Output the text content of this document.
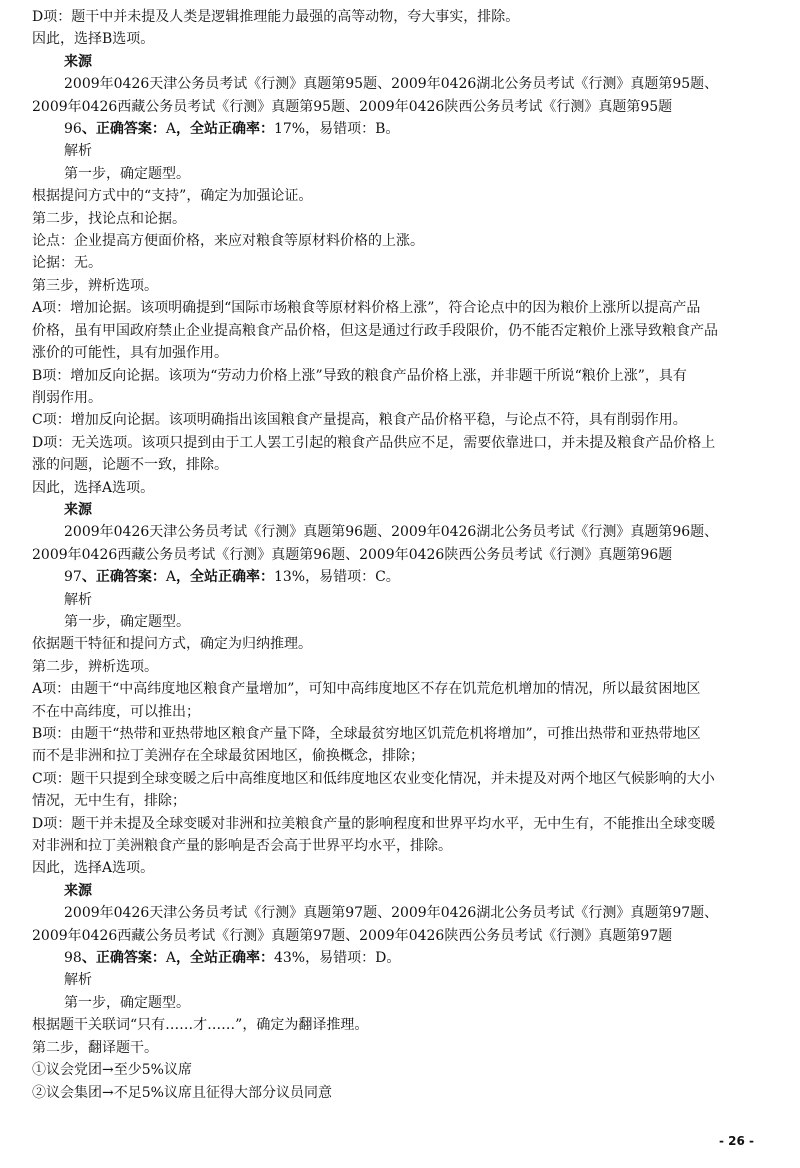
D项：题干中并未提及人类是逻辑推理能力最强的高等动物，夸大事实，排除。
因此，选择B选项。
来源
2009年0426天津公务员考试《行测》真题第95题、2009年0426湖北公务员考试《行测》真题第95题、
2009年0426西藏公务员考试《行测》真题第95题、2009年0426陕西公务员考试《行测》真题第95题
96、正确答案：A，全站正确率：17%，易错项：B。
解析
第一步，确定题型。
根据提问方式中的“支持”，确定为加强论证。
第二步，找论点和论据。
论点：企业提高方便面价格，来应对粮食等原材料价格的上涨。
论据：无。
第三步，辨析选项。
A项：增加论据。该项明确提到“国际市场粮食等原材料价格上涨”，符合论点中的因为粮价上涨所以提高产品
价格，虽有甲国政府禁止企业提高粮食产品价格，但这是通过行政手段限价，仍不能否定粮价上涨导致粮食产品
涨价的可能性，具有加强作用。
B项：增加反向论据。该项为“劳动力价格上涨”导致的粮食产品价格上涨，并非题干所说“粮价上涨”，具有
削弱作用。
C项：增加反向论据。该项明确指出该国粮食产量提高，粮食产品价格平稳，与论点不符，具有削弱作用。
D项：无关选项。该项只提到由于工人罢工引起的粮食产品供应不足，需要依靠进口，并未提及粮食产品价格上
涨的问题，论题不一致，排除。
因此，选择A选项。
来源
2009年0426天津公务员考试《行测》真题第96题、2009年0426湖北公务员考试《行测》真题第96题、
2009年0426西藏公务员考试《行测》真题第96题、2009年0426陕西公务员考试《行测》真题第96题
97、正确答案：A，全站正确率：13%，易错项：C。
解析
第一步，确定题型。
依据题干特征和提问方式，确定为归纳推理。
第二步，辨析选项。
A项：由题干“中高纬度地区粮食产量增加”，可知中高纬度地区不存在饥荒危机增加的情况，所以最贫困地区
不在中高纬度，可以推出；
B项：由题干“热带和亚热带地区粮食产量下降，全球最贫穷地区饥荒危机将增加”，可推出热带和亚热带地区
而不是非洲和拉丁美洲存在全球最贫困地区，偷换概念，排除；
C项：题干只提到全球变暖之后中高维度地区和低纬度地区农业变化情况，并未提及对两个地区气候影响的大小
情况，无中生有，排除；
D项：题干并未提及全球变暖对非洲和拉美粮食产量的影响程度和世界平均水平，无中生有，不能推出全球变暖
对非洲和拉丁美洲粮食产量的影响是否会高于世界平均水平，排除。
因此，选择A选项。
来源
2009年0426天津公务员考试《行测》真题第97题、2009年0426湖北公务员考试《行测》真题第97题、
2009年0426西藏公务员考试《行测》真题第97题、2009年0426陕西公务员考试《行测》真题第97题
98、正确答案：A，全站正确率：43%，易错项：D。
解析
第一步，确定题型。
根据题干关联词“只有……才……”，确定为翻译推理。
第二步，翻译题干。
①议会党团→至少5%议席
②议会集团→不足5%议席且征得大部分议员同意
- 26 -
